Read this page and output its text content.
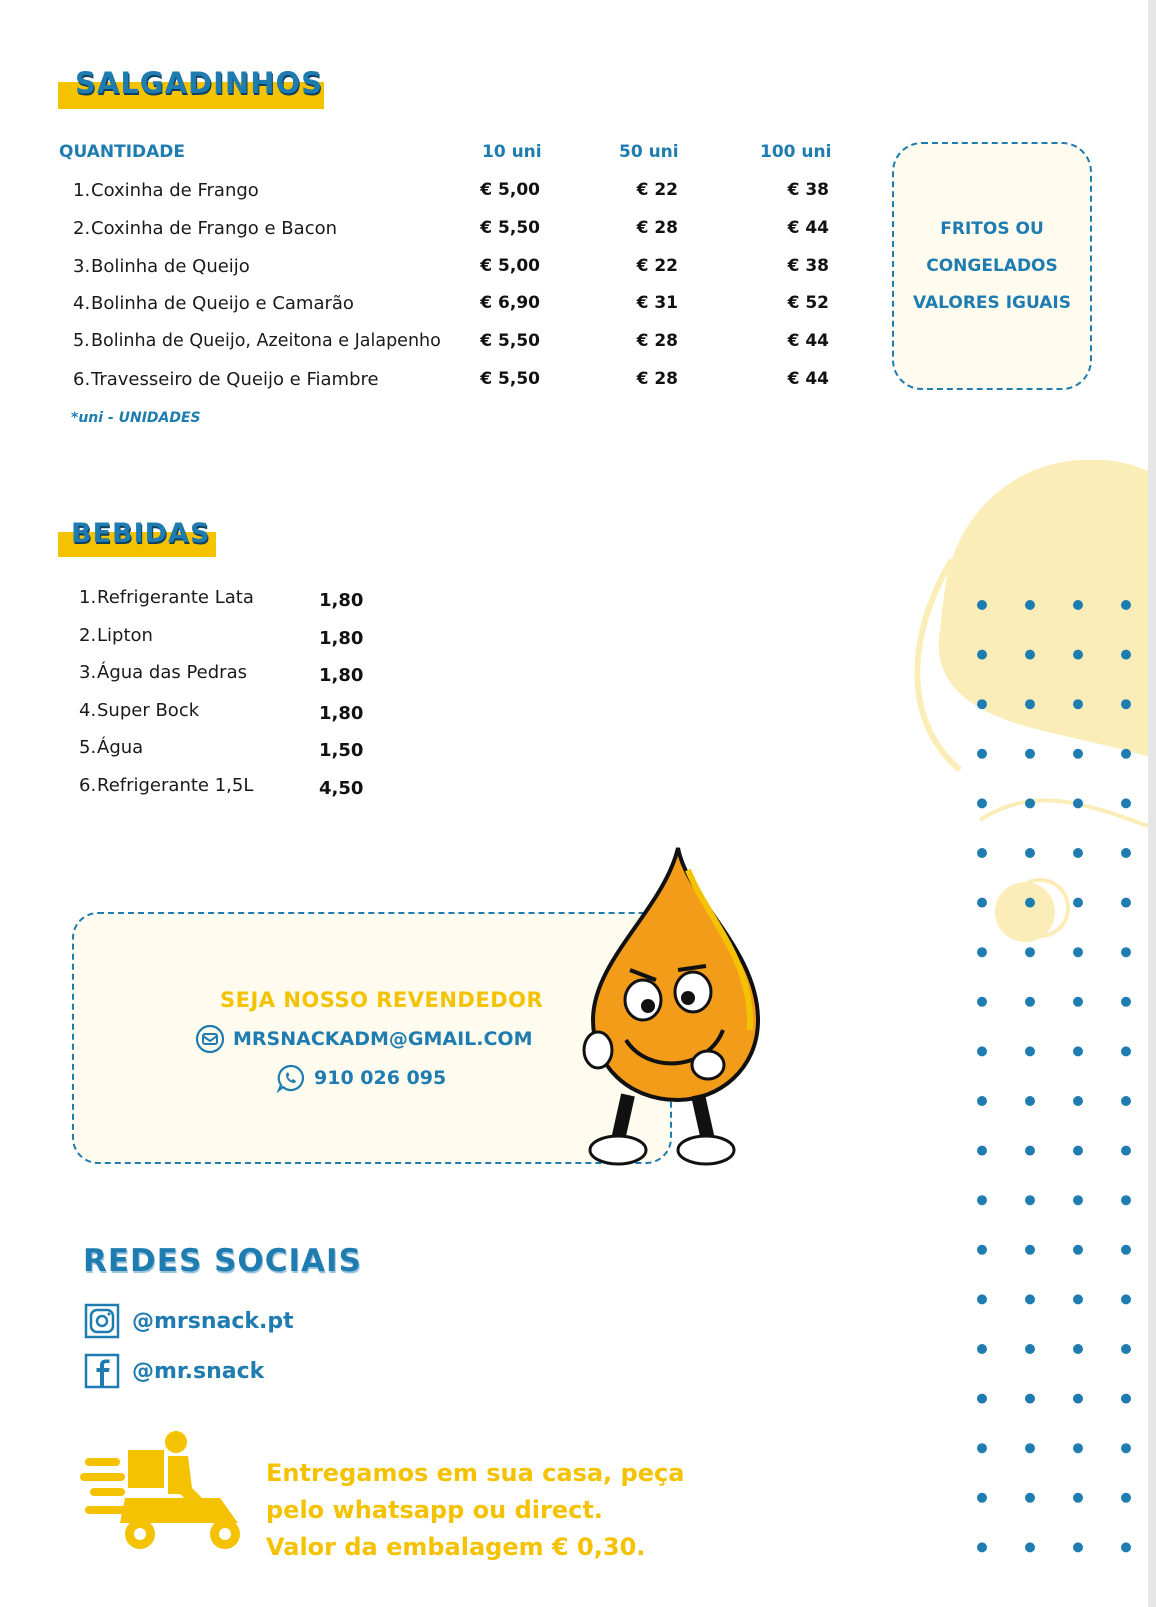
SALGADINHOS
QUANTIDADE	10 uni	50 uni	100 uni
1.Coxinha de Frango	€ 5,00	€ 22	€ 38
2.Coxinha de Frango e Bacon	€ 5,50	€ 28	€ 44
3.Bolinha de Queijo	€ 5,00	€ 22	€ 38
4.Bolinha de Queijo e Camarão	€ 6,90	€ 31	€ 52
5.Bolinha de Queijo, Azeitona e Jalapenho	€ 5,50	€ 28	€ 44
6.Travesseiro de Queijo e Fiambre	€ 5,50	€ 28	€ 44
*uni - UNIDADES
FRITOS OU
CONGELADOS
VALORES IGUAIS
BEBIDAS
1.Refrigerante Lata	1,80
2.Lipton	1,80
3.Água das Pedras	1,80
4.Super Bock	1,80
5.Água	1,50
6.Refrigerante 1,5L	4,50
SEJA NOSSO REVENDEDOR
MRSNACKADM@GMAIL.COM
910 026 095
REDES SOCIAIS
@mrsnack.pt
@mr.snack
Entregamos em sua casa, peça
pelo whatsapp ou direct.
Valor da embalagem € 0,30.
